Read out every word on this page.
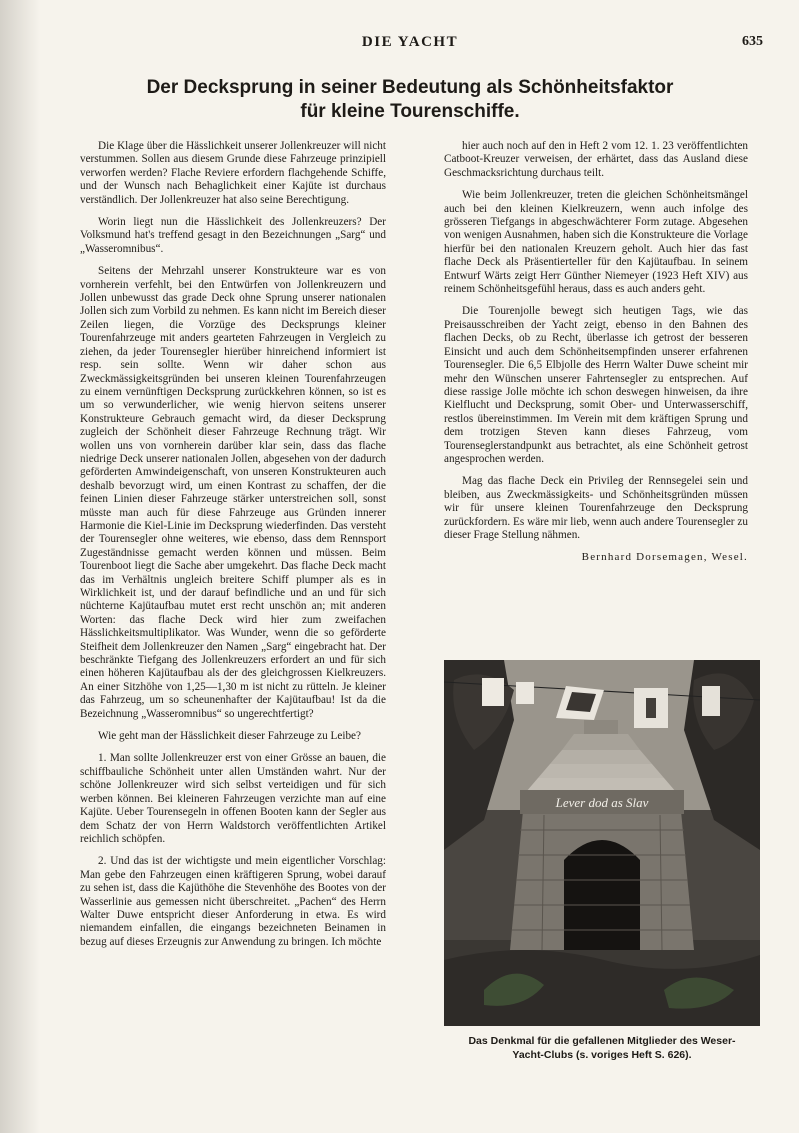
DIE YACHT	635
Der Decksprung in seiner Bedeutung als Schönheitsfaktor
für kleine Tourenschiffe.

Die Klage über die Hässlichkeit unserer Jollenkreuzer will nicht verstummen. Sollen aus diesem Grunde diese Fahrzeuge prinzipiell verworfen werden? Flache Reviere erfordern flachgehende Schiffe, und der Wunsch nach Behaglichkeit einer Kajüte ist durchaus verständlich. Der Jollenkreuzer hat also seine Berechtigung.

Worin liegt nun die Hässlichkeit des Jollenkreuzers? Der Volksmund hat's treffend gesagt in den Bezeichnungen „Sarg“ und „Wasseromnibus“.

Seitens der Mehrzahl unserer Konstrukteure war es von vornherein verfehlt, bei den Entwürfen von Jollenkreuzern und Jollen unbewusst das grade Deck ohne Sprung unserer nationalen Jollen sich zum Vorbild zu nehmen. Es kann nicht im Bereich dieser Zeilen liegen, die Vorzüge des Decksprungs kleiner Tourenfahrzeuge mit anders gearteten Fahrzeugen in Vergleich zu ziehen, da jeder Tourensegler hierüber hinreichend informiert ist resp. sein sollte. Wenn wir daher schon aus Zweckmässigkeitsgründen bei unseren kleinen Tourenfahrzeugen zu einem vernünftigen Decksprung zurückkehren können, so ist es um so verwunderlicher, wie wenig hiervon seitens unserer Konstrukteure Gebrauch gemacht wird, da dieser Decksprung zugleich der Schönheit dieser Fahrzeuge Rechnung trägt. Wir wollen uns von vornherein darüber klar sein, dass das flache niedrige Deck unserer nationalen Jollen, abgesehen von der dadurch geförderten Amwindeigenschaft, von unseren Konstrukteuren auch deshalb bevorzugt wird, um einen Kontrast zu schaffen, der die feinen Linien dieser Fahrzeuge stärker unterstreichen soll, sonst müsste man auch für diese Fahrzeuge aus Gründen innerer Harmonie die Kiel-Linie im Decksprung wiederfinden. Das versteht der Tourensegler ohne weiteres, wie ebenso, dass dem Rennsport Zugeständnisse gemacht werden können und müssen. Beim Tourenboot liegt die Sache aber umgekehrt. Das flache Deck macht das im Verhältnis ungleich breitere Schiff plumper als es in Wirklichkeit ist, und der darauf befindliche und an und für sich nüchterne Kajütaufbau mutet erst recht unschön an; mit anderen Worten: das flache Deck wird hier zum zweifachen Hässlichkeitsmultiplikator. Was Wunder, wenn die so geförderte Steifheit dem Jollenkreuzer den Namen „Sarg“ eingebracht hat. Der beschränkte Tiefgang des Jollenkreuzers erfordert an und für sich einen höheren Kajütaufbau als der des gleichgrossen Kielkreuzers. An einer Sitzhöhe von 1,25—1,30 m ist nicht zu rütteln. Je kleiner das Fahrzeug, um so scheunenhafter der Kajütaufbau! Ist da die Bezeichnung „Wasseromnibus“ so ungerechtfertigt?

Wie geht man der Hässlichkeit dieser Fahrzeuge zu Leibe?

1. Man sollte Jollenkreuzer erst von einer Grösse an bauen, die schiffbauliche Schönheit unter allen Umständen wahrt. Nur der schöne Jollenkreuzer wird sich selbst verteidigen und für sich werben können. Bei kleineren Fahrzeugen verzichte man auf eine Kajüte. Ueber Tourensegeln in offenen Booten kann der Segler aus dem Schatz der von Herrn Waldstorch veröffentlichten Artikel reichlich schöpfen.

2. Und das ist der wichtigste und mein eigentlicher Vorschlag: Man gebe den Fahrzeugen einen kräftigeren Sprung, wobei darauf zu sehen ist, dass die Kajüthöhe die Stevenhöhe des Bootes von der Wasserlinie aus gemessen nicht überschreitet. „Pachen“ des Herrn Walter Duwe entspricht dieser Anforderung in etwa. Es wird niemandem einfallen, die eingangs bezeichneten Beinamen in bezug auf dieses Erzeugnis zur Anwendung zu bringen. Ich möchte

hier auch noch auf den in Heft 2 vom 12. 1. 23 veröffentlichten Catboot-Kreuzer verweisen, der erhärtet, dass das Ausland diese Geschmacksrichtung durchaus teilt.

Wie beim Jollenkreuzer, treten die gleichen Schönheitsmängel auch bei den kleinen Kielkreuzern, wenn auch infolge des grösseren Tiefgangs in abgeschwächterer Form zutage. Abgesehen von wenigen Ausnahmen, haben sich die Konstrukteure die Vorlage hierfür bei den nationalen Kreuzern geholt. Auch hier das fast flache Deck als Präsentierteller für den Kajütaufbau. In seinem Entwurf Wärts zeigt Herr Günther Niemeyer (1923 Heft XIV) aus reinem Schönheitsgefühl heraus, dass es auch anders geht.

Die Tourenjolle bewegt sich heutigen Tags, wie das Preisausschreiben der Yacht zeigt, ebenso in den Bahnen des flachen Decks, ob zu Recht, überlasse ich getrost der besseren Einsicht und auch dem Schönheitsempfinden unserer erfahrenen Tourensegler. Die 6,5 Elbjolle des Herrn Walter Duwe scheint mir mehr den Wünschen unserer Fahrtensegler zu entsprechen. Auf diese rassige Jolle möchte ich schon deswegen hinweisen, da ihre Kielflucht und Decksprung, somit Ober- und Unterwasserschiff, restlos übereinstimmen. Im Verein mit dem kräftigen Sprung und dem trotzigen Steven kann dieses Fahrzeug, vom Tourenseglerstandpunkt aus betrachtet, als eine Schönheit getrost angesprochen werden.

Mag das flache Deck ein Privileg der Rennsegelei sein und bleiben, aus Zweckmässigkeits- und Schönheitsgründen müssen wir für unsere kleinen Tourenfahrzeuge den Decksprung zurückfordern. Es wäre mir lieb, wenn auch andere Tourensegler zu dieser Frage Stellung nähmen.

Bernhard Dorsemagen, Wesel.
Lever dod as Slav
Das Denkmal für die gefallenen Mitglieder des Weser-
Yacht-Clubs (s. voriges Heft S. 626).
